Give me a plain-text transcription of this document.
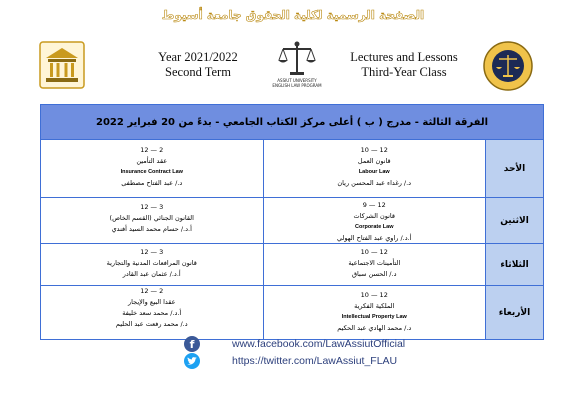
الصفحة الرسمية لكلية الحقوق جامعة أسيوط
ASSIUT UNIVERSITY
ENGLISH LAW PROGRAM
Year 2021/2022
Second Term
Lectures and Lessons
Third-Year Class
الفرقة الثالثة - مدرج ( ب ) أعلى مركز الكتاب الجامعي - بدءً من 20 فبراير 2022
الأحد
10 — 12
قانون العمل
Labour Law
د./ رغداء عبد المحسن ريان
12 — 2
عقد التأمين
Insurance Contract Law
د./ عبد الفتاح مصطفى
الاثنين
9 — 12
قانون الشركات
Corporate Law
أ.د./ راوي عبد الفتاح الهولي
12 — 3
القانون الجنائي (القسم الخاص)
أ.د./ حسام محمد السيد أفندي
الثلاثاء
10 — 12
التأمينات الاجتماعية
د./ الحسن سباق
12 — 3
قانون المرافعات المدنية والتجارية
أ.د./ عثمان عبد القادر
الأربعاء
10 — 12
الملكية الفكرية
Intellectual Property Law
د./ محمد الهادي عبد الحكيم
12 — 2
عقدا البيع والإيجار
أ.د./ محمد سعد خليفة
د./ محمد رفعت عبد الحليم
f	www.facebook.com/LawAssiutOfficial
https://twitter.com/LawAssiut_FLAU
